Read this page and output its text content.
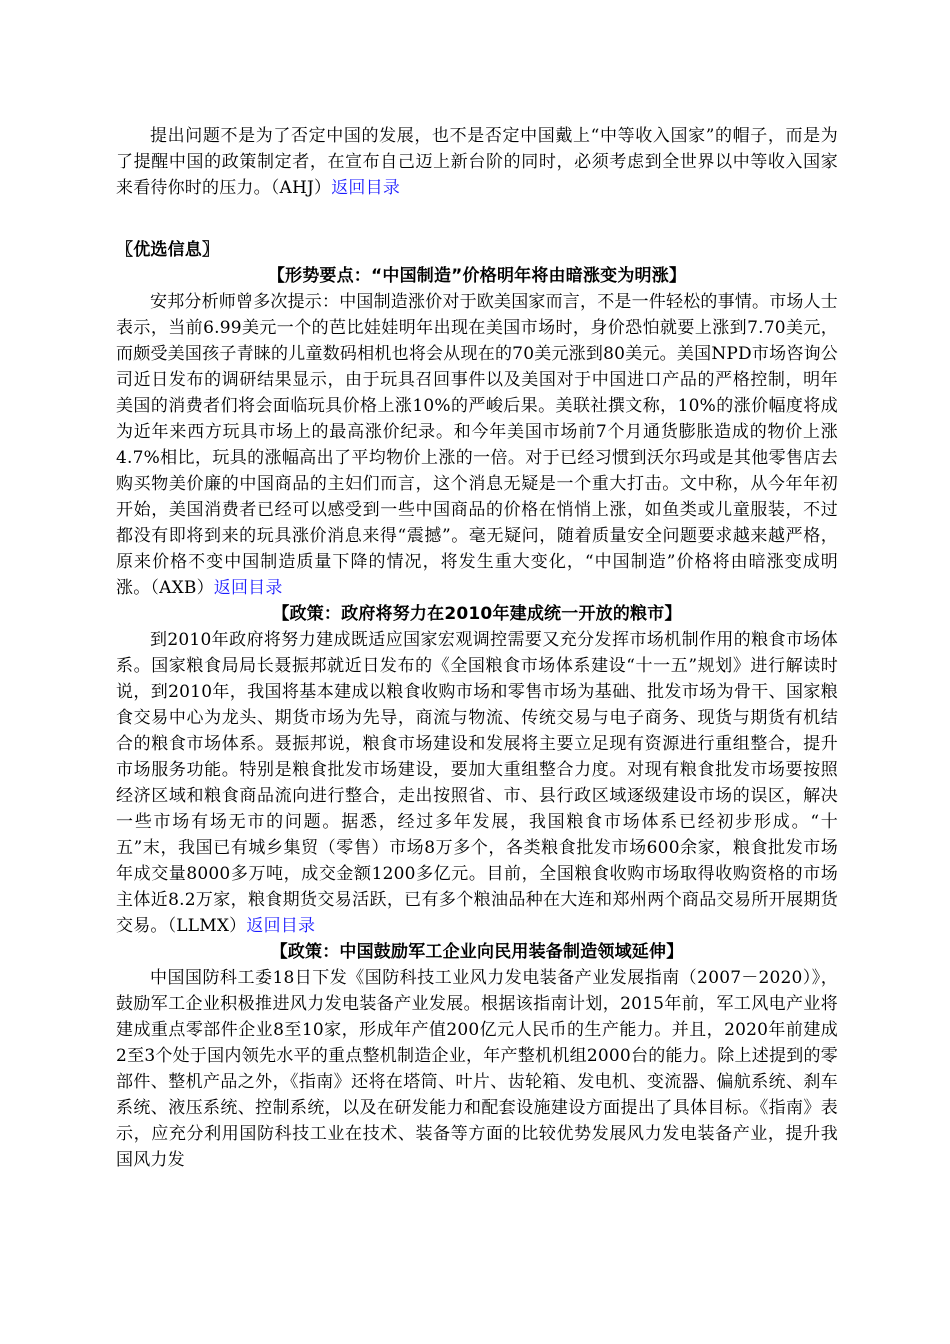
提出问题不是为了否定中国的发展，也不是否定中国戴上“中等收入国家”的帽子，而是为了提醒中国的政策制定者，在宣布自己迈上新台阶的同时，必须考虑到全世界以中等收入国家来看待你时的压力。（AHJ）返回目录

〖优选信息〗

【形势要点：“中国制造”价格明年将由暗涨变为明涨】

安邦分析师曾多次提示：中国制造涨价对于欧美国家而言，不是一件轻松的事情。市场人士表示，当前6.99美元一个的芭比娃娃明年出现在美国市场时，身价恐怕就要上涨到7.70美元，而颇受美国孩子青睐的儿童数码相机也将会从现在的70美元涨到80美元。美国NPD市场咨询公司近日发布的调研结果显示，由于玩具召回事件以及美国对于中国进口产品的严格控制，明年美国的消费者们将会面临玩具价格上涨10%的严峻后果。美联社撰文称，10%的涨价幅度将成为近年来西方玩具市场上的最高涨价纪录。和今年美国市场前7个月通货膨胀造成的物价上涨4.7%相比，玩具的涨幅高出了平均物价上涨的一倍。对于已经习惯到沃尔玛或是其他零售店去购买物美价廉的中国商品的主妇们而言，这个消息无疑是一个重大打击。文中称，从今年年初开始，美国消费者已经可以感受到一些中国商品的价格在悄悄上涨，如鱼类或儿童服装，不过都没有即将到来的玩具涨价消息来得“震撼”。毫无疑问，随着质量安全问题要求越来越严格，原来价格不变中国制造质量下降的情况，将发生重大变化，“中国制造”价格将由暗涨变成明涨。（AXB）返回目录

【政策：政府将努力在2010年建成统一开放的粮市】

到2010年政府将努力建成既适应国家宏观调控需要又充分发挥市场机制作用的粮食市场体系。国家粮食局局长聂振邦就近日发布的《全国粮食市场体系建设“十一五”规划》进行解读时说，到2010年，我国将基本建成以粮食收购市场和零售市场为基础、批发市场为骨干、国家粮食交易中心为龙头、期货市场为先导，商流与物流、传统交易与电子商务、现货与期货有机结合的粮食市场体系。聂振邦说，粮食市场建设和发展将主要立足现有资源进行重组整合，提升市场服务功能。特别是粮食批发市场建设，要加大重组整合力度。对现有粮食批发市场要按照经济区域和粮食商品流向进行整合，走出按照省、市、县行政区域逐级建设市场的误区，解决一些市场有场无市的问题。据悉，经过多年发展，我国粮食市场体系已经初步形成。“十五”末，我国已有城乡集贸（零售）市场8万多个，各类粮食批发市场600余家，粮食批发市场年成交量8000多万吨，成交金额1200多亿元。目前，全国粮食收购市场取得收购资格的市场主体近8.2万家，粮食期货交易活跃，已有多个粮油品种在大连和郑州两个商品交易所开展期货交易。（LLMX）返回目录

【政策：中国鼓励军工企业向民用装备制造领域延伸】

中国国防科工委18日下发《国防科技工业风力发电装备产业发展指南（2007－2020）》，鼓励军工企业积极推进风力发电装备产业发展。根据该指南计划，2015年前，军工风电产业将建成重点零部件企业8至10家，形成年产值200亿元人民币的生产能力。并且，2020年前建成2至3个处于国内领先水平的重点整机制造企业，年产整机机组2000台的能力。除上述提到的零部件、整机产品之外，《指南》还将在塔筒、叶片、齿轮箱、发电机、变流器、偏航系统、刹车系统、液压系统、控制系统，以及在研发能力和配套设施建设方面提出了具体目标。《指南》表示，应充分利用国防科技工业在技术、装备等方面的比较优势发展风力发电装备产业，提升我国风力发
